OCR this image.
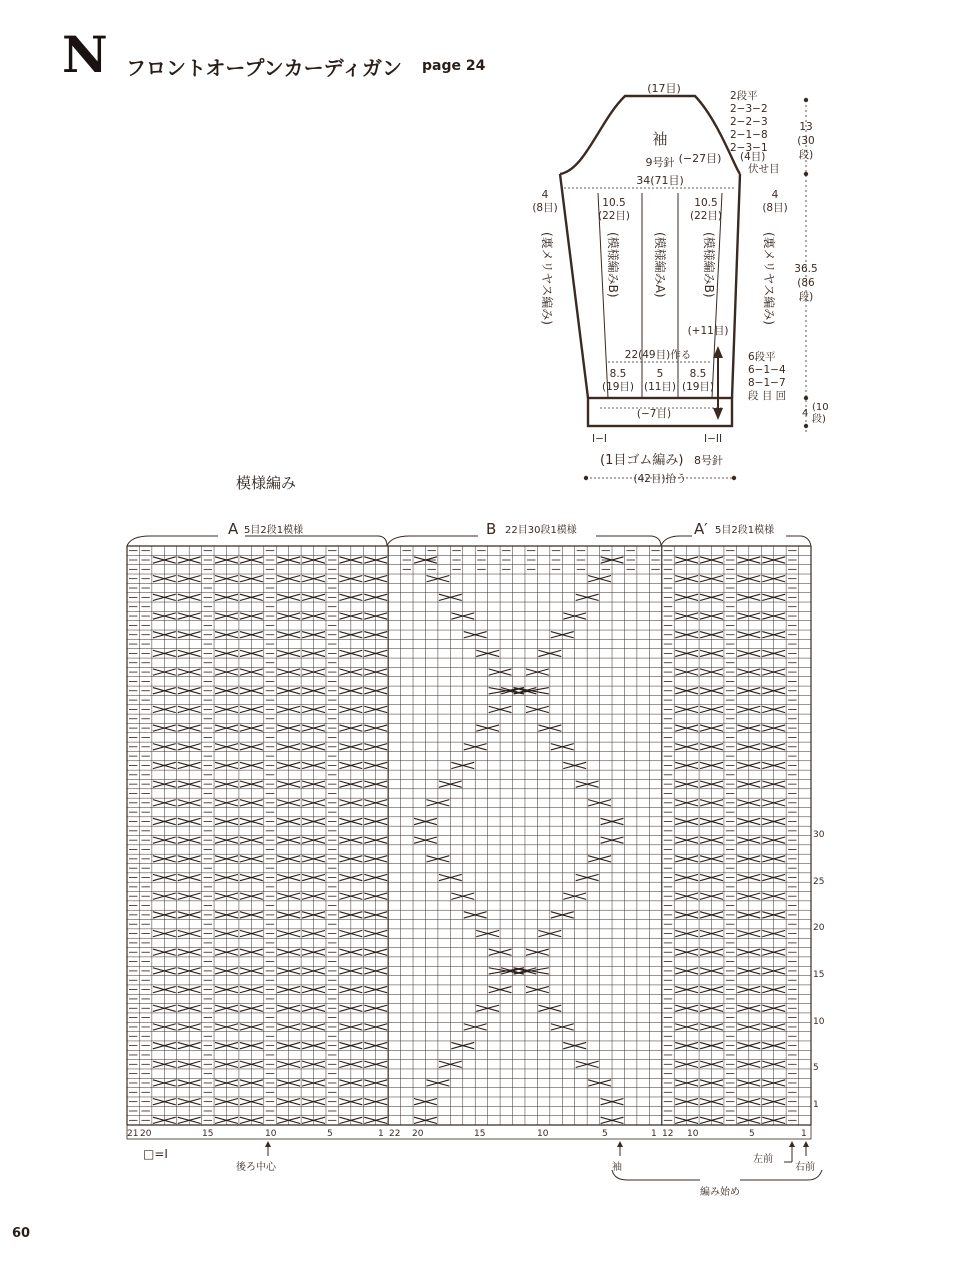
N フロントオープンカーディガン page 24
模様編み
60
(17目)
袖
9号針 (−27目)
2段平
2−3−2
2−2−3
2−1−8
2−3−1
(4目)
伏せ目
13
(30
段)
36.5
(86
段)
4
(10
段)
34(71目)
4
(8目)
4
(8目)
10.5
(22目)
10.5
(22目)
(裏メリヤス編み)	(模様編みB)	(模様編みA)	(模様編みB)	(裏メリヤス編み)
(+11目)
22(49目)作る
8.5
(19目)
5
(11目)
8.5
(19目)
6段平
6−1−4
8−1−7
段 目 回
(−7目)
I−I	I−II
(1目ゴム編み) 8号針
(42目)拾う
A 5目2段1模様	B 22目30段1模様	A′ 5目2段1模様
30
25
20
15
10
5
1
21 20	15	10	5	1 22 20	15	10	5	1 12 10	5	1
□=I
後ろ中心	袖
左前
右前
編み始め
